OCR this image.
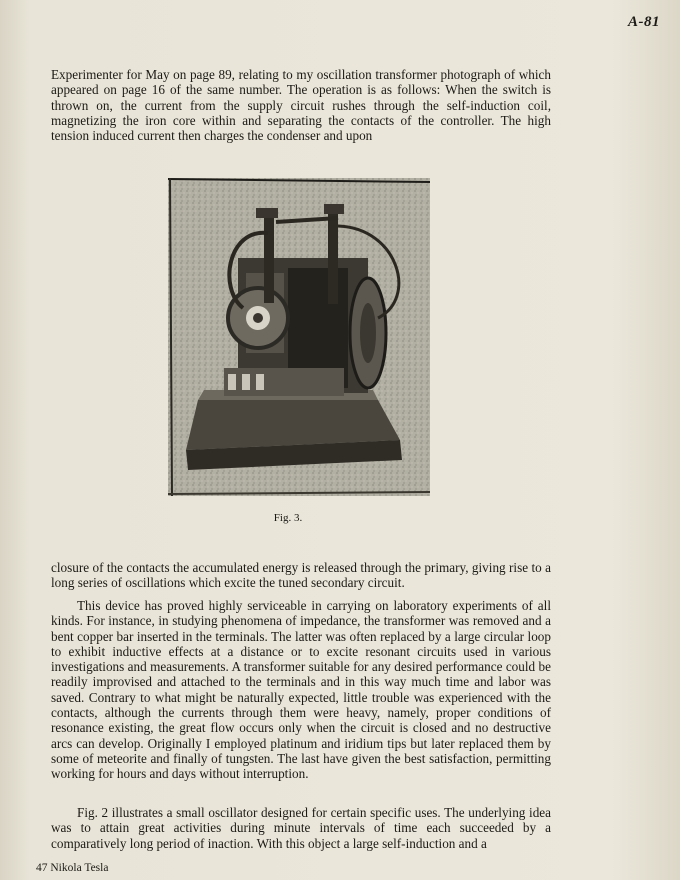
A-81

Experimenter for May on page 89, relating to my oscillation transformer photograph of which appeared on page 16 of the same number. The operation is as follows: When the switch is thrown on, the current from the supply circuit rushes through the self-induction coil, magnetizing the iron core within and separating the contacts of the controller. The high tension induced current then charges the condenser and upon

Fig. 3.

closure of the contacts the accumulated energy is released through the primary, giving rise to a long series of oscillations which excite the tuned secondary circuit.

This device has proved highly serviceable in carrying on laboratory experiments of all kinds. For instance, in studying phenomena of impedance, the transformer was removed and a bent copper bar inserted in the terminals. The latter was often replaced by a large circular loop to exhibit inductive effects at a distance or to excite resonant circuits used in various investigations and measurements. A transformer suitable for any desired performance could be readily improvised and attached to the terminals and in this way much time and labor was saved. Contrary to what might be naturally expected, little trouble was experienced with the contacts, although the currents through them were heavy, namely, proper conditions of resonance existing, the great flow occurs only when the circuit is closed and no destructive arcs can develop. Originally I employed platinum and iridium tips but later replaced them by some of meteorite and finally of tungsten. The last have given the best satisfaction, permitting working for hours and days without interruption.

Fig. 2 illustrates a small oscillator designed for certain specific uses. The underlying idea was to attain great activities during minute intervals of time each succeeded by a comparatively long period of inaction. With this object a large self-induction and a

47 Nikola Tesla
